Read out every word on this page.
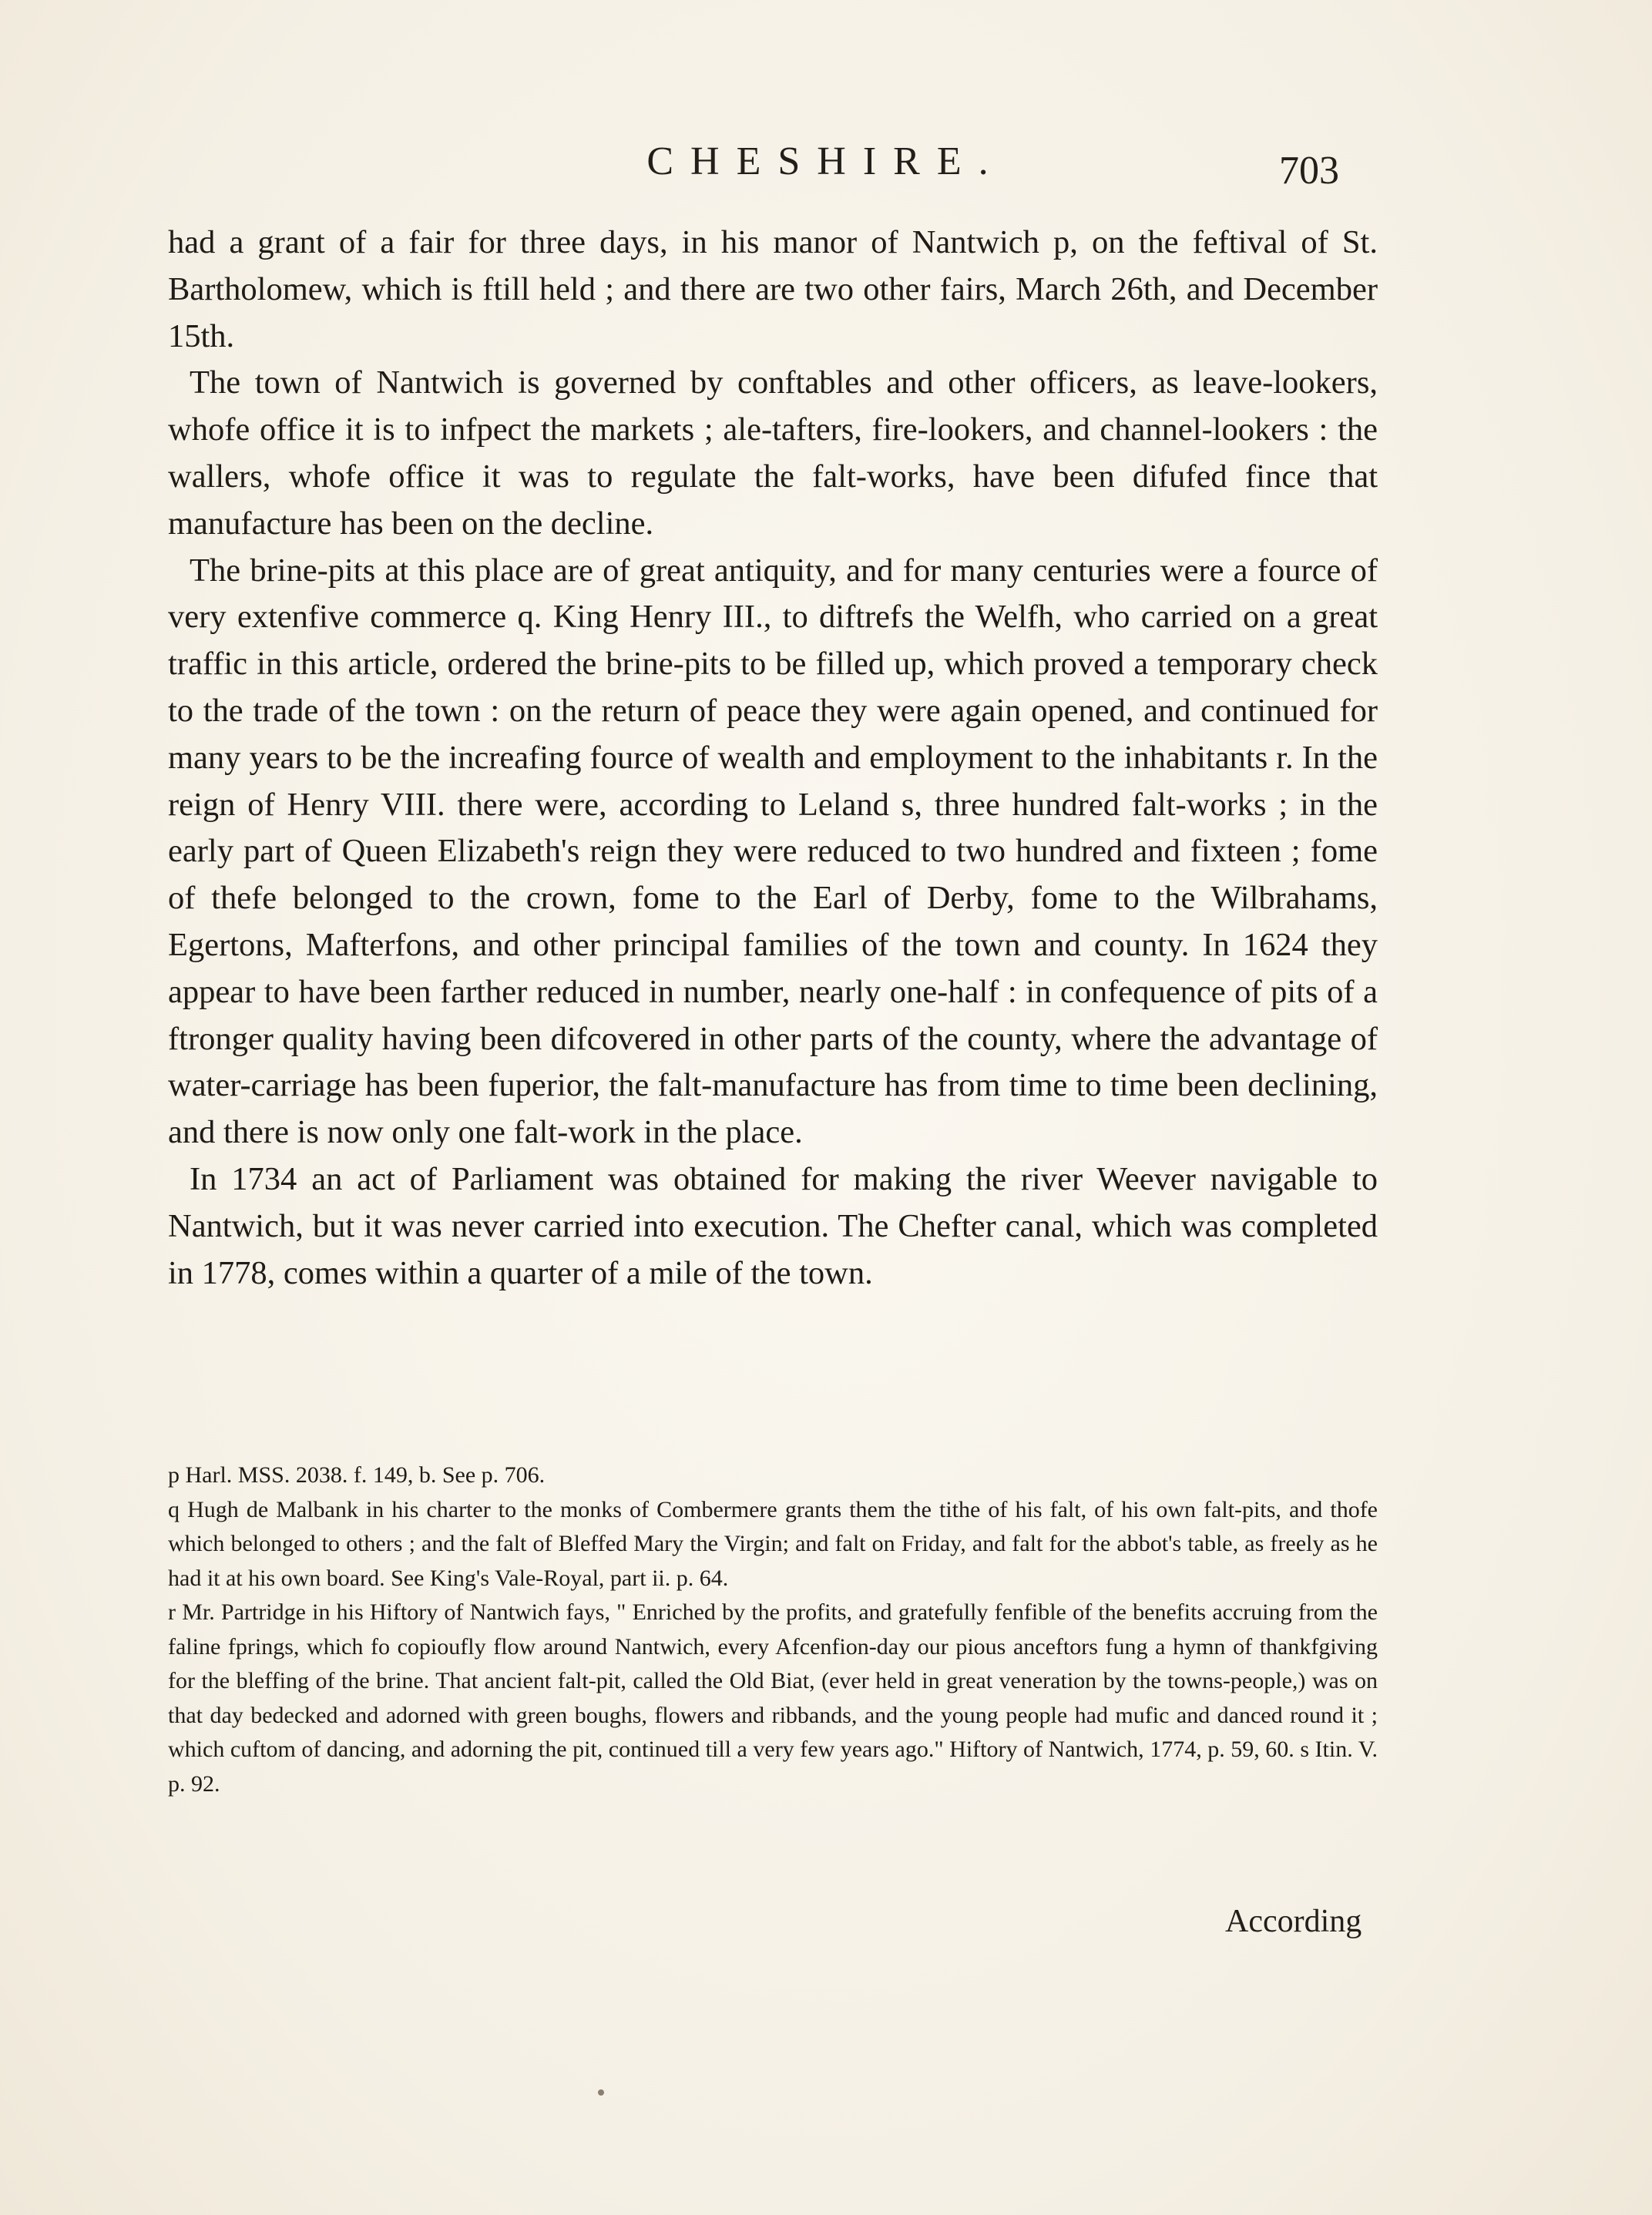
CHESHIRE.	703

had a grant of a fair for three days, in his manor of Nantwich p, on the feftival of St. Bartholomew, which is ftill held ; and there are two other fairs, March 26th, and December 15th.

The town of Nantwich is governed by conftables and other officers, as leave-lookers, whofe office it is to infpect the markets ; ale-tafters, fire-lookers, and channel-lookers : the wallers, whofe office it was to regulate the falt-works, have been difufed fince that manufacture has been on the decline.

The brine-pits at this place are of great antiquity, and for many centuries were a fource of very extenfive commerce q. King Henry III., to diftrefs the Welfh, who carried on a great traffic in this article, ordered the brine-pits to be filled up, which proved a temporary check to the trade of the town : on the return of peace they were again opened, and continued for many years to be the increafing fource of wealth and employment to the inhabitants r. In the reign of Henry VIII. there were, according to Leland s, three hundred falt-works ; in the early part of Queen Elizabeth's reign they were reduced to two hundred and fixteen ; fome of thefe belonged to the crown, fome to the Earl of Derby, fome to the Wilbrahams, Egertons, Mafterfons, and other principal families of the town and county. In 1624 they appear to have been farther reduced in number, nearly one-half : in confequence of pits of a ftronger quality having been difcovered in other parts of the county, where the advantage of water-carriage has been fuperior, the falt-manufacture has from time to time been declining, and there is now only one falt-work in the place.

In 1734 an act of Parliament was obtained for making the river Weever navigable to Nantwich, but it was never carried into execution. The Chefter canal, which was completed in 1778, comes within a quarter of a mile of the town.

p Harl. MSS. 2038. f. 149, b. See p. 706.

q Hugh de Malbank in his charter to the monks of Combermere grants them the tithe of his falt, of his own falt-pits, and thofe which belonged to others ; and the falt of Bleffed Mary the Virgin; and falt on Friday, and falt for the abbot's table, as freely as he had it at his own board. See King's Vale-Royal, part ii. p. 64.

r Mr. Partridge in his Hiftory of Nantwich fays, " Enriched by the profits, and gratefully fenfible of the benefits accruing from the faline fprings, which fo copioufly flow around Nantwich, every Afcenfion-day our pious anceftors fung a hymn of thankfgiving for the bleffing of the brine. That ancient falt-pit, called the Old Biat, (ever held in great veneration by the towns-people,) was on that day bedecked and adorned with green boughs, flowers and ribbands, and the young people had mufic and danced round it ; which cuftom of dancing, and adorning the pit, continued till a very few years ago." Hiftory of Nantwich, 1774, p. 59, 60. s Itin. V. p. 92.

According
